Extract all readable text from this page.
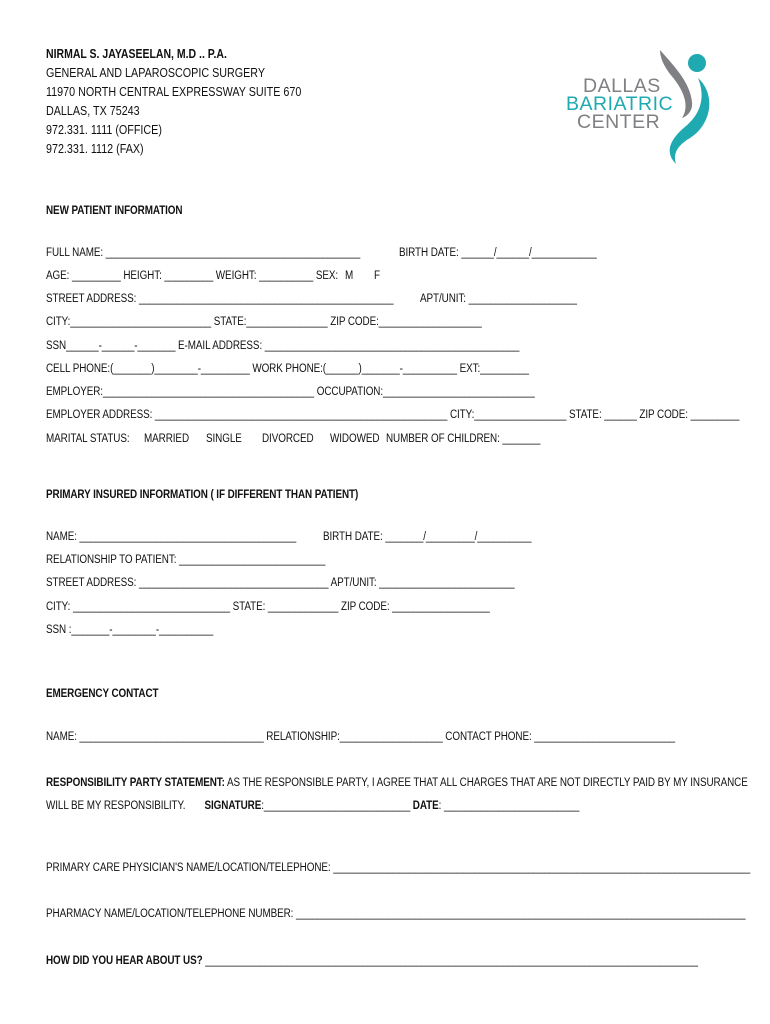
NIRMAL S. JAYASEELAN, M.D .. P.A.
GENERAL AND LAPAROSCOPIC SURGERY
11970 NORTH CENTRAL EXPRESSWAY SUITE 670
DALLAS, TX 75243
972.331. 1111 (OFFICE)
972.331. 1112 (FAX)
DALLAS
BARIATRIC
CENTER
NEW PATIENT INFORMATION
FULL NAME: _______________________________________________	BIRTH DATE: ______/______/____________
AGE: _________ HEIGHT: _________ WEIGHT: __________ SEX: M F
STREET ADDRESS: _______________________________________________ APT/UNIT: ____________________
CITY:__________________________ STATE:_______________ ZIP CODE:___________________
SSN______-______-_______ E-MAIL ADDRESS: _______________________________________________
CELL PHONE:(_______)________-_________ WORK PHONE:(______)_______-__________ EXT:_________
EMPLOYER:_______________________________________ OCCUPATION:____________________________
EMPLOYER ADDRESS: ______________________________________________________ CITY:_________________ STATE: ______ ZIP CODE: _________
MARITAL STATUS: MARRIED SINGLE DIVORCED WIDOWED NUMBER OF CHILDREN: _______
PRIMARY INSURED INFORMATION ( IF DIFFERENT THAN PATIENT)
NAME: ________________________________________ BIRTH DATE: _______/_________/__________
RELATIONSHIP TO PATIENT: ___________________________
STREET ADDRESS: ___________________________________ APT/UNIT: _________________________
CITY: _____________________________ STATE: _____________ ZIP CODE: __________________
SSN :_______-________-__________
EMERGENCY CONTACT
NAME: __________________________________ RELATIONSHIP:___________________ CONTACT PHONE: __________________________
RESPONSIBILITY PARTY STATEMENT: AS THE RESPONSIBLE PARTY, I AGREE THAT ALL CHARGES THAT ARE NOT DIRECTLY PAID BY MY INSURANCE
WILL BE MY RESPONSIBILITY. SIGNATURE:___________________________ DATE: _________________________
PRIMARY CARE PHYSICIAN'S NAME/LOCATION/TELEPHONE: _____________________________________________________________________________
PHARMACY NAME/LOCATION/TELEPHONE NUMBER: ___________________________________________________________________________________
HOW DID YOU HEAR ABOUT US? ___________________________________________________________________________________________
